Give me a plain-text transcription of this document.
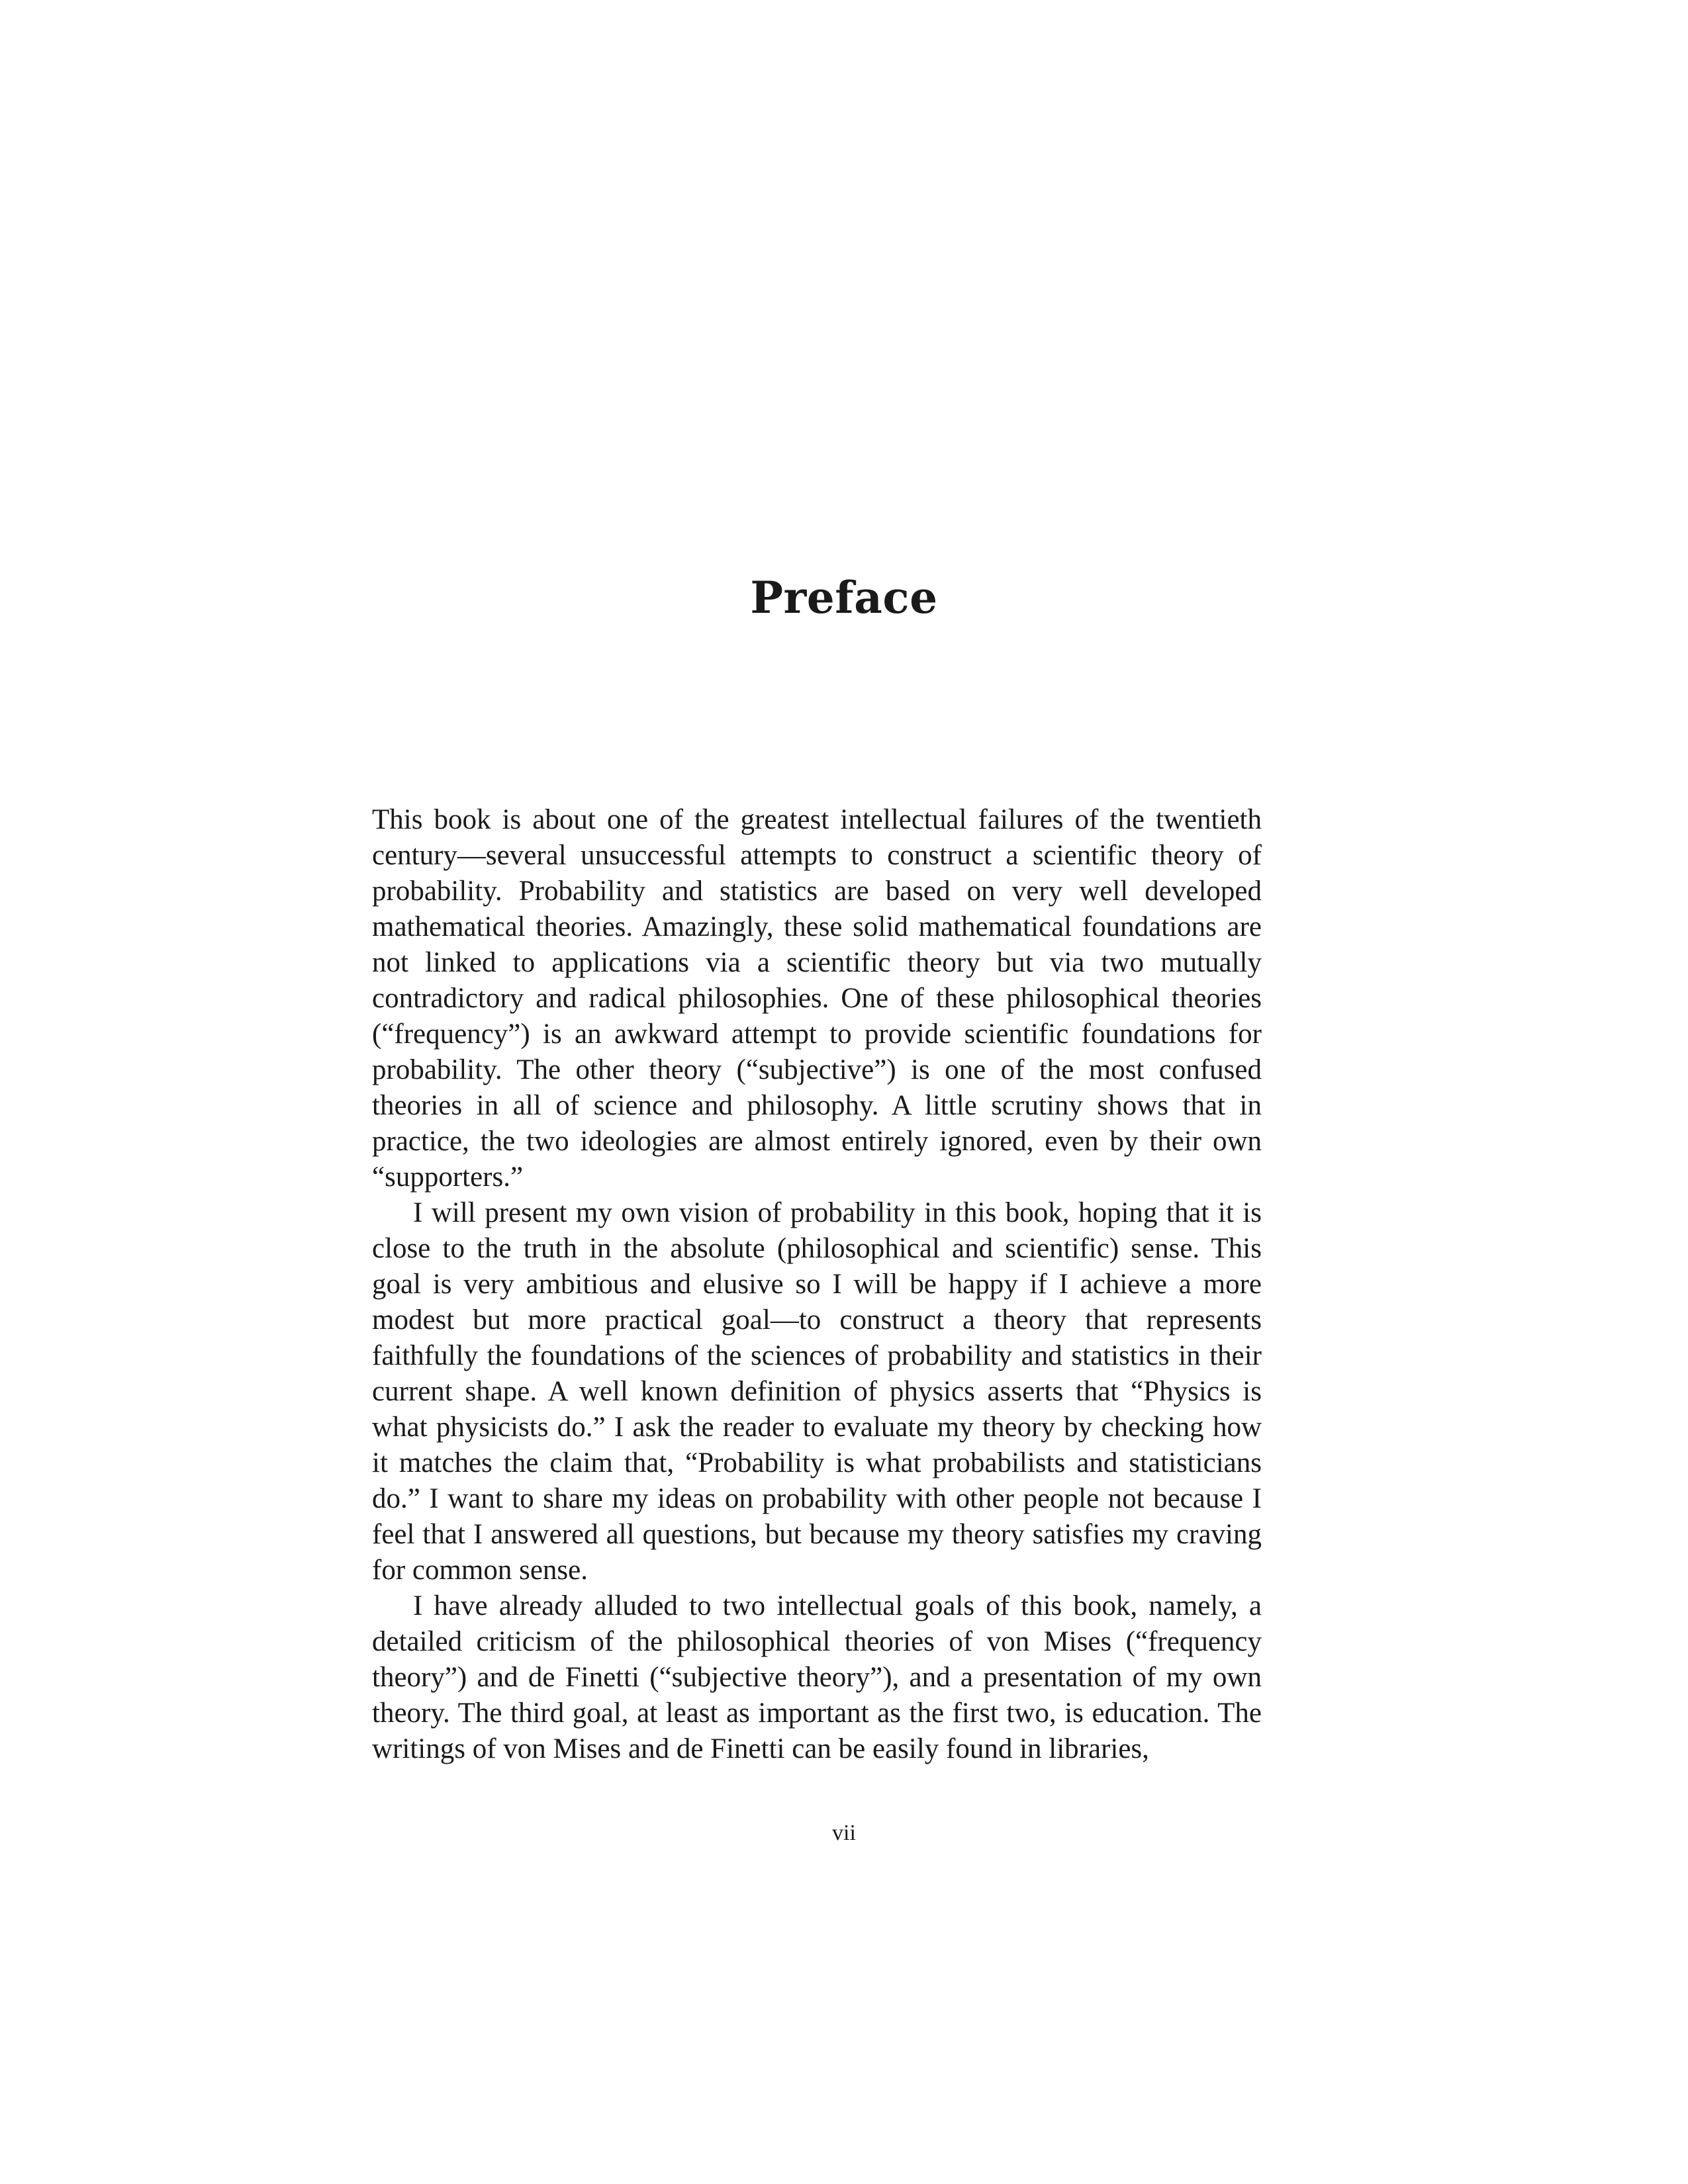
Preface

This book is about one of the greatest intellectual failures of the twentieth century—several unsuccessful attempts to construct a scientific theory of probability. Probability and statistics are based on very well developed mathematical theories. Amazingly, these solid mathematical foundations are not linked to applications via a scientific theory but via two mutually contradictory and radical philosophies. One of these philosophical theories (“frequency”) is an awkward attempt to provide scientific foundations for probability. The other theory (“subjective”) is one of the most confused theories in all of science and philosophy. A little scrutiny shows that in practice, the two ideologies are almost entirely ignored, even by their own “supporters.”

I will present my own vision of probability in this book, hoping that it is close to the truth in the absolute (philosophical and scientific) sense. This goal is very ambitious and elusive so I will be happy if I achieve a more modest but more practical goal—to construct a theory that represents faithfully the foundations of the sciences of probability and statistics in their current shape. A well known definition of physics asserts that “Physics is what physicists do.” I ask the reader to evaluate my theory by checking how it matches the claim that, “Probability is what probabilists and statisticians do.” I want to share my ideas on probability with other people not because I feel that I answered all questions, but because my theory satisfies my craving for common sense.

I have already alluded to two intellectual goals of this book, namely, a detailed criticism of the philosophical theories of von Mises (“frequency theory”) and de Finetti (“subjective theory”), and a presentation of my own theory. The third goal, at least as important as the first two, is education. The writings of von Mises and de Finetti can be easily found in libraries,

vii
